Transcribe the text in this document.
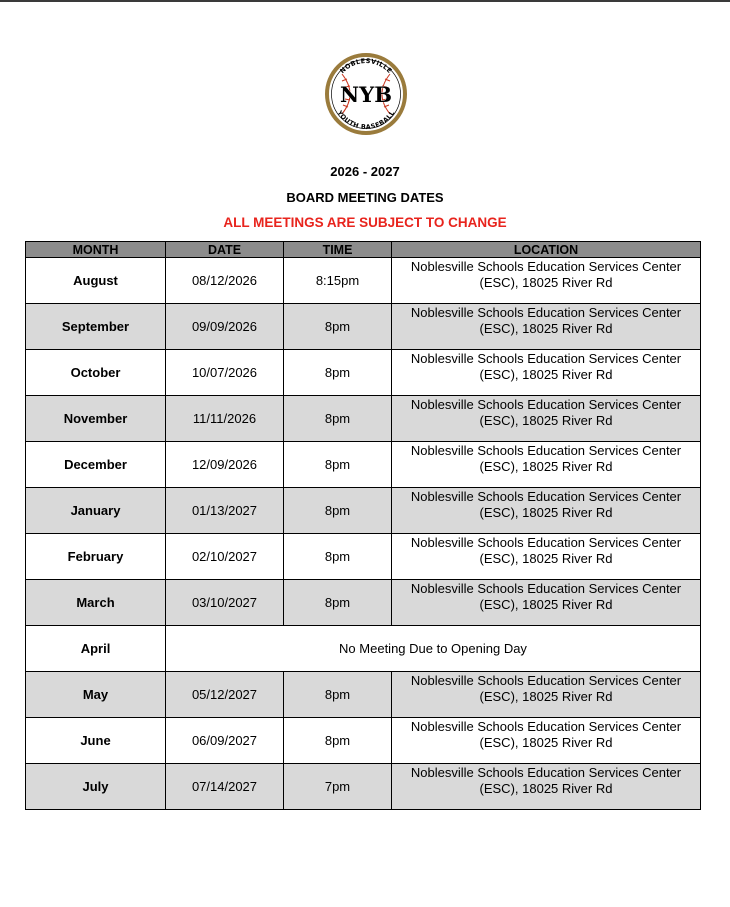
NOBLESVILLE
YOUTH BASEBALL
NYB
2026 - 2027
BOARD MEETING DATES
ALL MEETINGS ARE SUBJECT TO CHANGE
MONTH	DATE	TIME	LOCATION
August	08/12/2026	8:15pm	Noblesville Schools Education Services Center
(ESC), 18025 River Rd

September	09/09/2026	8pm	Noblesville Schools Education Services Center
(ESC), 18025 River Rd

October	10/07/2026	8pm	Noblesville Schools Education Services Center
(ESC), 18025 River Rd

November	11/11/2026	8pm	Noblesville Schools Education Services Center
(ESC), 18025 River Rd

December	12/09/2026	8pm	Noblesville Schools Education Services Center
(ESC), 18025 River Rd

January	01/13/2027	8pm	Noblesville Schools Education Services Center
(ESC), 18025 River Rd

February	02/10/2027	8pm	Noblesville Schools Education Services Center
(ESC), 18025 River Rd

March	03/10/2027	8pm	Noblesville Schools Education Services Center
(ESC), 18025 River Rd

April	No Meeting Due to Opening Day		
May	05/12/2027	8pm	Noblesville Schools Education Services Center
(ESC), 18025 River Rd

June	06/09/2027	8pm	Noblesville Schools Education Services Center
(ESC), 18025 River Rd

July	07/14/2027	7pm	Noblesville Schools Education Services Center
(ESC), 18025 River Rd
